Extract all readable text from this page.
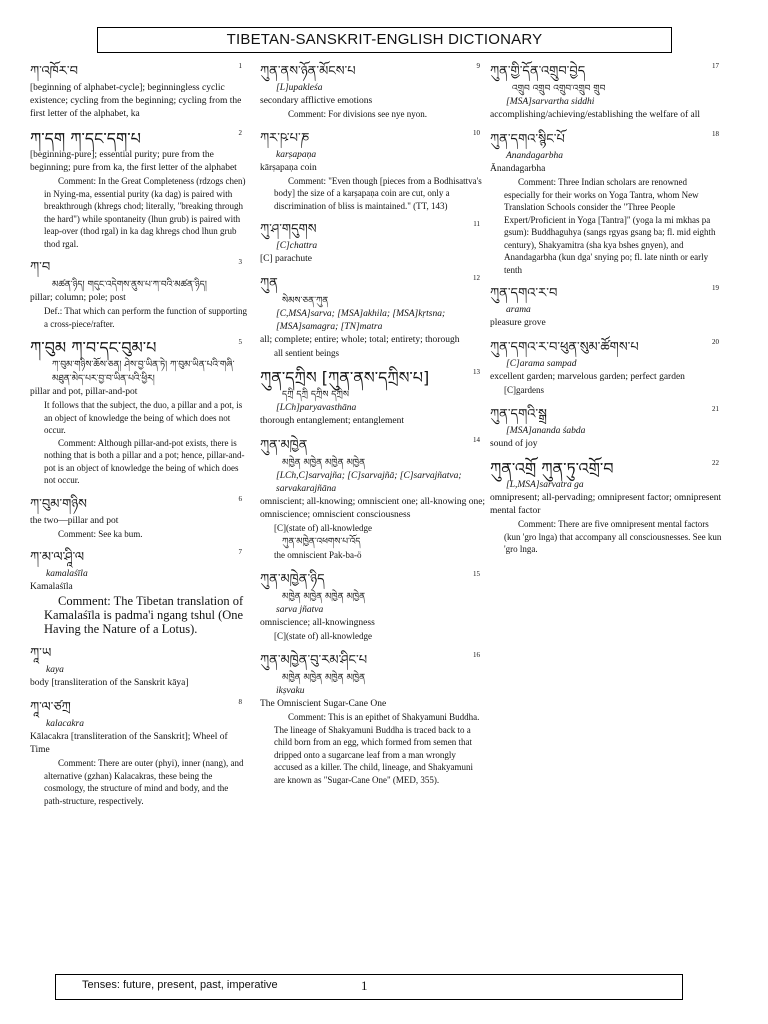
TIBETAN-SANSKRIT-ENGLISH DICTIONARY
1
ཀ་འཁོར་བ
[beginning of alphabet-cycle]; beginningless cyclic existence; cycling from the beginning; cycling from the first letter of the alphabet, ka
2
ཀ་དག ཀ་དང་དག་པ
[beginning-pure]; essential purity; pure from the beginning; pure from ka, the first letter of the alphabet
Comment: In the Great Completeness (rdzogs chen) in Nying-ma, essential purity (ka dag) is paired with breakthrough (khregs chod; literally, "breaking through the hard") while spontaneity (lhun grub) is paired with leap-over (thod rgal) in ka dag khregs chod lhun grub thod rgal.
3
ཀ་བ
མཚན་ཉིད། གདུང་འདེགས་ནུས་པ་ཀ་བའི་མཚན་ཉིད།
pillar; column; pole; post
Def.: That which can perform the function of supporting a cross-piece/rafter.
5
ཀ་བུམ ཀ་བ་དང་བུམ་པ
ཀ་བུམ་གཉིས་ཆོས་ཅན། ཤེས་བྱ་ཡིན་ཏེ། ཀ་བུམ་ཡིན་པའི་གཞི་མཐུན་མེད་པར་བྱ་བ་ཡིན་པའི་ཕྱིར།
pillar and pot, pillar-and-pot
It follows that the subject, the duo, a pillar and a pot, is an object of knowledge the being of which does not occur.
Comment: Although pillar-and-pot exists, there is nothing that is both a pillar and a pot; hence, pillar-and-pot is an object of knowledge the being of which does not occur.
6
ཀ་བུམ་གཉིས
the two—pillar and pot
Comment: See ka bum.
7
ཀ་མ་ལ་ཤཱི་ལ
kamalaśīla
Kamalaśīla
Comment: The Tibetan translation of Kamalaśīla is padma'i ngang tshul (One Having the Nature of a Lotus).
ཀཱ་ཡ
kaya
body [transliteration of the Sanskrit kāya]
8
ཀཱ་ལ་ཙཀྲ
kalacakra
Kālacakra [transliteration of the Sanskrit]; Wheel of Time
Comment: There are outer (phyi), inner (nang), and alternative (gzhan) Kalacakras, these being the cosmology, the structure of mind and body, and the path-structure, respectively.
9
ཀུན་ནས་ཉོན་མོངས་པ
[L]upakleśa
secondary afflictive emotions
Comment: For divisions see nye nyon.
10
ཀར་ཥ་པ་ཎ
karṣapaṇa
kārṣapaṇa coin
Comment: "Even though [pieces from a Bodhisattva's body] the size of a karṣapaṇa coin are cut, only a discrimination of bliss is maintained." (TT, 143)
11
ཀུ་ཤ་གདུགས
[C]chattra
[C] parachute
12
ཀུན
སེམས་ཅན་ཀུན
[C,MSA]sarva; [MSA]akhila; [MSA]kṛtsna; [MSA]samagra; [TN]matra
all; complete; entire; whole; total; entirety; thorough
all sentient beings
13
ཀུན་དཀྲིས [ཀུན་ནས་དཀྲིས་པ]
དཀྲི དཀྲི དཀྲིས དཀྲིས
[LCh]paryavasthāna
thorough entanglement; entanglement
14
ཀུན་མཁྱེན
མཁྱེན མཁྱེན མཁྱེན མཁྱེན
[LCh,C]sarvajña; [C]sarvajñā; [C]sarvajñatva; sarvakarajñāna
omniscient; all-knowing; omniscient one; all-knowing one; omniscience; omniscient consciousness
[C](state of) all-knowledge
ཀུན་མཁྱེན་འཕགས་པ་འོད
the omniscient Pak-ba-ö
15
ཀུན་མཁྱེན་ཉིད
མཁྱེན མཁྱེན མཁྱེན མཁྱེན
sarva jñatva
omniscience; all-knowingness
[C](state of) all-knowledge
16
ཀུན་མཁྱེན་བུ་རམ་ཤིང་པ
མཁྱེན མཁྱེན མཁྱེན མཁྱེན
ikṣvaku
The Omniscient Sugar-Cane One
Comment: This is an epithet of Shakyamuni Buddha. The lineage of Shakyamuni Buddha is traced back to a child born from an egg, which formed from semen that dripped onto a sugarcane leaf from a man wrongly accused as a killer. The child, lineage, and Shakyamuni are known as "Sugar-Cane One" (MED, 355).
17
ཀུན་གྱི་དོན་འགྲུབ་བྱེད
འགྲུབ འགྲུབ འགྲུབ་འགྲུབ གྲུབ
[MSA]sarvartha siddhi
accomplishing/achieving/establishing the welfare of all
18
ཀུན་དགའ་སྙིང་པོ
Anandagarbha
Ānandagarbha
Comment: Three Indian scholars are renowned especially for their works on Yoga Tantra, whom New Translation Schools consider the "Three People Expert/Proficient in Yoga [Tantra]" (yoga la mi mkhas pa gsum): Buddhaguhya (sangs rgyas gsang ba; fl. mid eighth century), Shakyamitra (sha kya bshes gnyen), and Anandagarbha (kun dga' snying po; fl. late ninth or early tenth
19
ཀུན་དགའ་ར་བ
arama
pleasure grove
20
ཀུན་དགའ་ར་བ་ཕུན་སུམ་ཚོགས་པ
[C]arama sampad
excellent garden; marvelous garden; perfect garden
[C]gardens
21
ཀུན་དགའི་སྒྲ
[MSA]ananda śabda
sound of joy
22
ཀུན་འགྲོ ཀུན་ཏུ་འགྲོ་བ
[L,MSA]sarvatra ga
omnipresent; all-pervading; omnipresent factor; omnipresent mental factor
Comment: There are five omnipresent mental factors (kun 'gro lnga) that accompany all consciousnesses. See kun 'gro lnga.
Tenses: future, present, past, imperative	1
